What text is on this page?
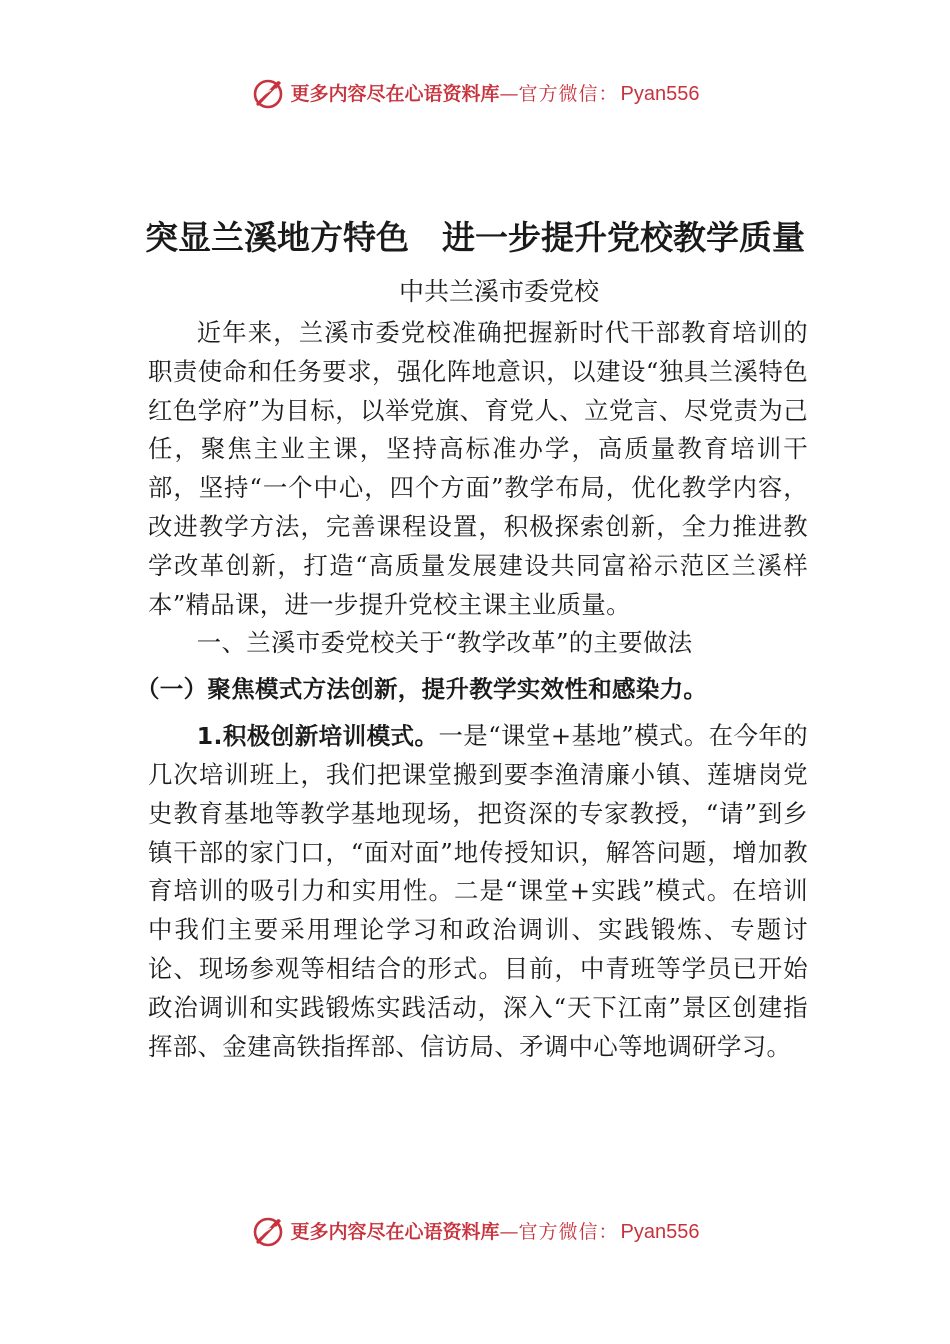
更多内容尽在心语资料库 — 官方微信： Pyan556
突显兰溪地方特色　进一步提升党校教学质量
中共兰溪市委党校

近年来，兰溪市委党校准确把握新时代干部教育培训的职责使命和任务要求，强化阵地意识，以建设“独具兰溪特色红色学府”为目标，以举党旗、育党人、立党言、尽党责为己任，聚焦主业主课，坚持高标准办学，高质量教育培训干部，坚持“一个中心，四个方面”教学布局，优化教学内容，改进教学方法，完善课程设置，积极探索创新，全力推进教学改革创新，打造“高质量发展建设共同富裕示范区兰溪样本”精品课，进一步提升党校主课主业质量。

一、兰溪市委党校关于“教学改革”的主要做法

（一）聚焦模式方法创新，提升教学实效性和感染力。

1.积极创新培训模式。一是“课堂+基地”模式。在今年的几次培训班上，我们把课堂搬到要李渔清廉小镇、莲塘岗党史教育基地等教学基地现场，把资深的专家教授，“请”到乡镇干部的家门口，“面对面”地传授知识，解答问题，增加教育培训的吸引力和实用性。二是“课堂+实践”模式。在培训中我们主要采用理论学习和政治调训、实践锻炼、专题讨论、现场参观等相结合的形式。目前，中青班等学员已开始政治调训和实践锻炼实践活动，深入“天下江南”景区创建指挥部、金建高铁指挥部、信访局、矛调中心等地调研学习。

更多内容尽在心语资料库 — 官方微信： Pyan556
